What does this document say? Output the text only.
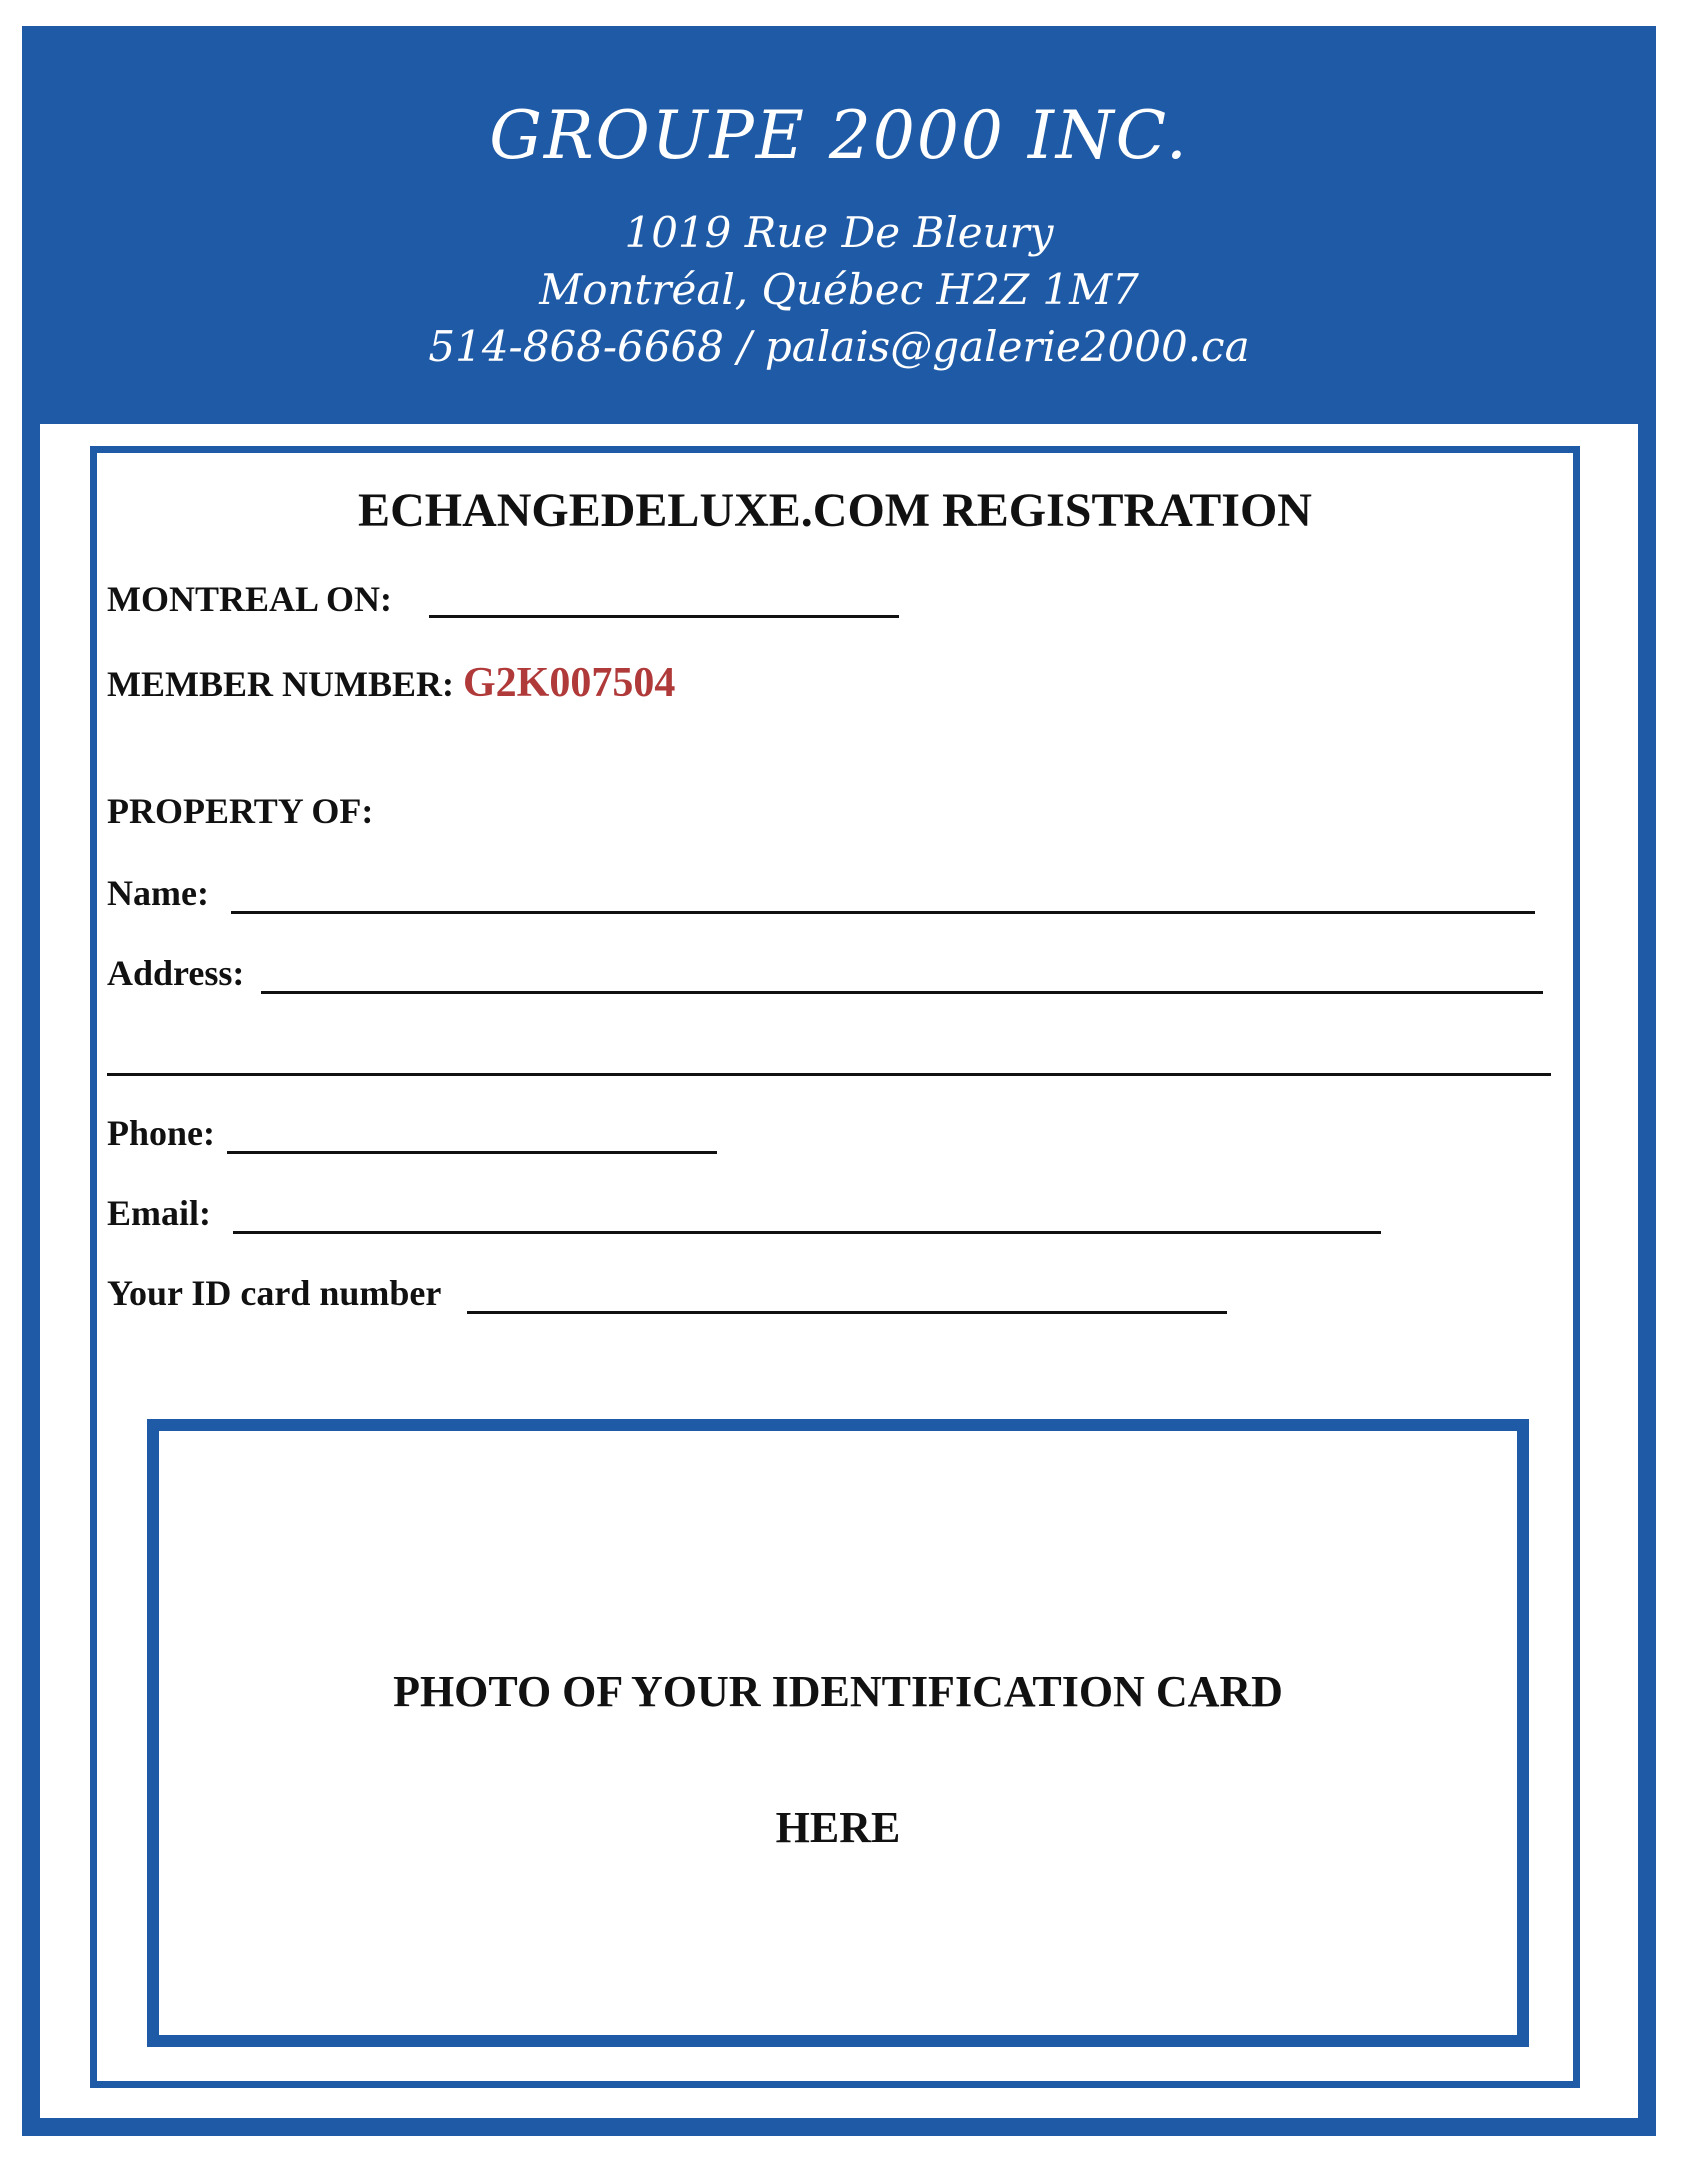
GROUPE 2000 INC.
1019 Rue De Bleury
Montréal, Québec H2Z 1M7
514-868-6668 / palais@galerie2000.ca
ECHANGEDELUXE.COM REGISTRATION
MONTREAL ON:
MEMBER NUMBER: G2K007504
PROPERTY OF:
Name:
Address:
Phone:
Email:
Your ID card number
PHOTO OF YOUR IDENTIFICATION CARD
HERE
